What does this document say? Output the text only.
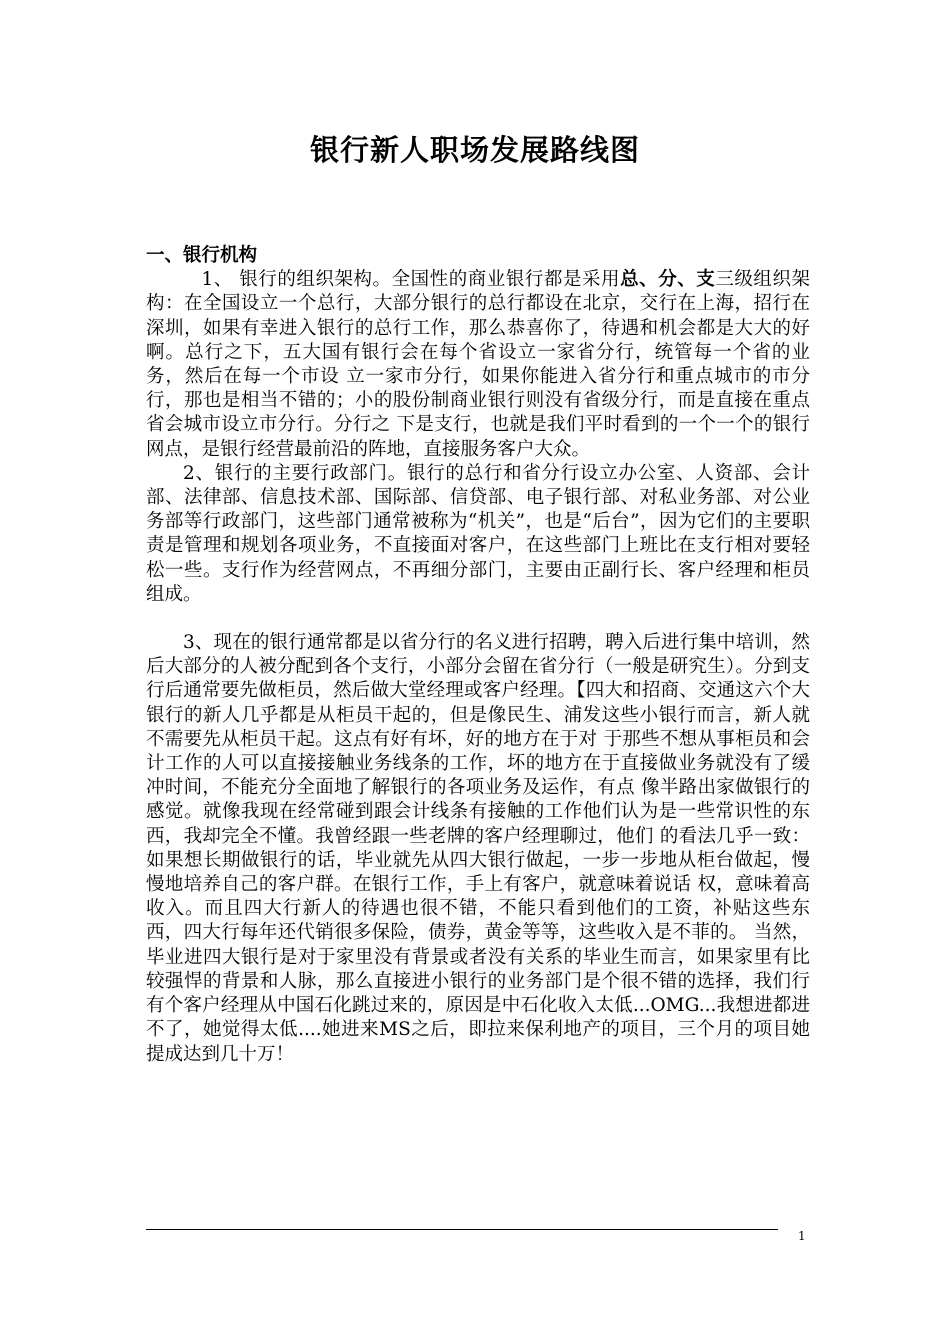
银行新人职场发展路线图

一、银行机构

1、 银行的组织架构。全国性的商业银行都是采用总、分、支三级组织架构：在全国设立一个总行，大部分银行的总行都设在北京，交行在上海，招行在深圳，如果有幸进入银行的总行工作，那么恭喜你了，待遇和机会都是大大的好啊。总行之下，五大国有银行会在每个省设立一家省分行，统管每一个省的业务，然后在每一个市设 立一家市分行，如果你能进入省分行和重点城市的市分行，那也是相当不错的；小的股份制商业银行则没有省级分行，而是直接在重点省会城市设立市分行。分行之 下是支行，也就是我们平时看到的一个一个的银行网点，是银行经营最前沿的阵地，直接服务客户大众。

2、银行的主要行政部门。银行的总行和省分行设立办公室、人资部、会计部、法律部、信息技术部、国际部、信贷部、电子银行部、对私业务部、对公业务部等行政部门，这些部门通常被称为“机关”，也是“后台”，因为它们的主要职责是管理和规划各项业务，不直接面对客户，在这些部门上班比在支行相对要轻松一些。支行作为经营网点，不再细分部门，主要由正副行长、客户经理和柜员组成。

3、现在的银行通常都是以省分行的名义进行招聘，聘入后进行集中培训，然后大部分的人被分配到各个支行，小部分会留在省分行（一般是研究生）。分到支行后通常要先做柜员，然后做大堂经理或客户经理。【四大和招商、交通这六个大银行的新人几乎都是从柜员干起的，但是像民生、浦发这些小银行而言，新人就不需要先从柜员干起。这点有好有坏，好的地方在于对 于那些不想从事柜员和会计工作的人可以直接接触业务线条的工作，坏的地方在于直接做业务就没有了缓冲时间，不能充分全面地了解银行的各项业务及运作，有点 像半路出家做银行的感觉。就像我现在经常碰到跟会计线条有接触的工作他们认为是一些常识性的东西，我却完全不懂。我曾经跟一些老牌的客户经理聊过，他们 的看法几乎一致：如果想长期做银行的话，毕业就先从四大银行做起，一步一步地从柜台做起，慢慢地培养自己的客户群。在银行工作，手上有客户，就意味着说话 权，意味着高收入。而且四大行新人的待遇也很不错，不能只看到他们的工资，补贴这些东西，四大行每年还代销很多保险，债券，黄金等等，这些收入是不菲的。 当然，毕业进四大银行是对于家里没有背景或者没有关系的毕业生而言，如果家里有比较强悍的背景和人脉，那么直接进小银行的业务部门是个很不错的选择，我们行有个客户经理从中国石化跳过来的，原因是中石化收入太低...OMG...我想进都进不了，她觉得太低....她进来MS之后，即拉来保利地产的项目，三个月的项目她提成达到几十万！

1
